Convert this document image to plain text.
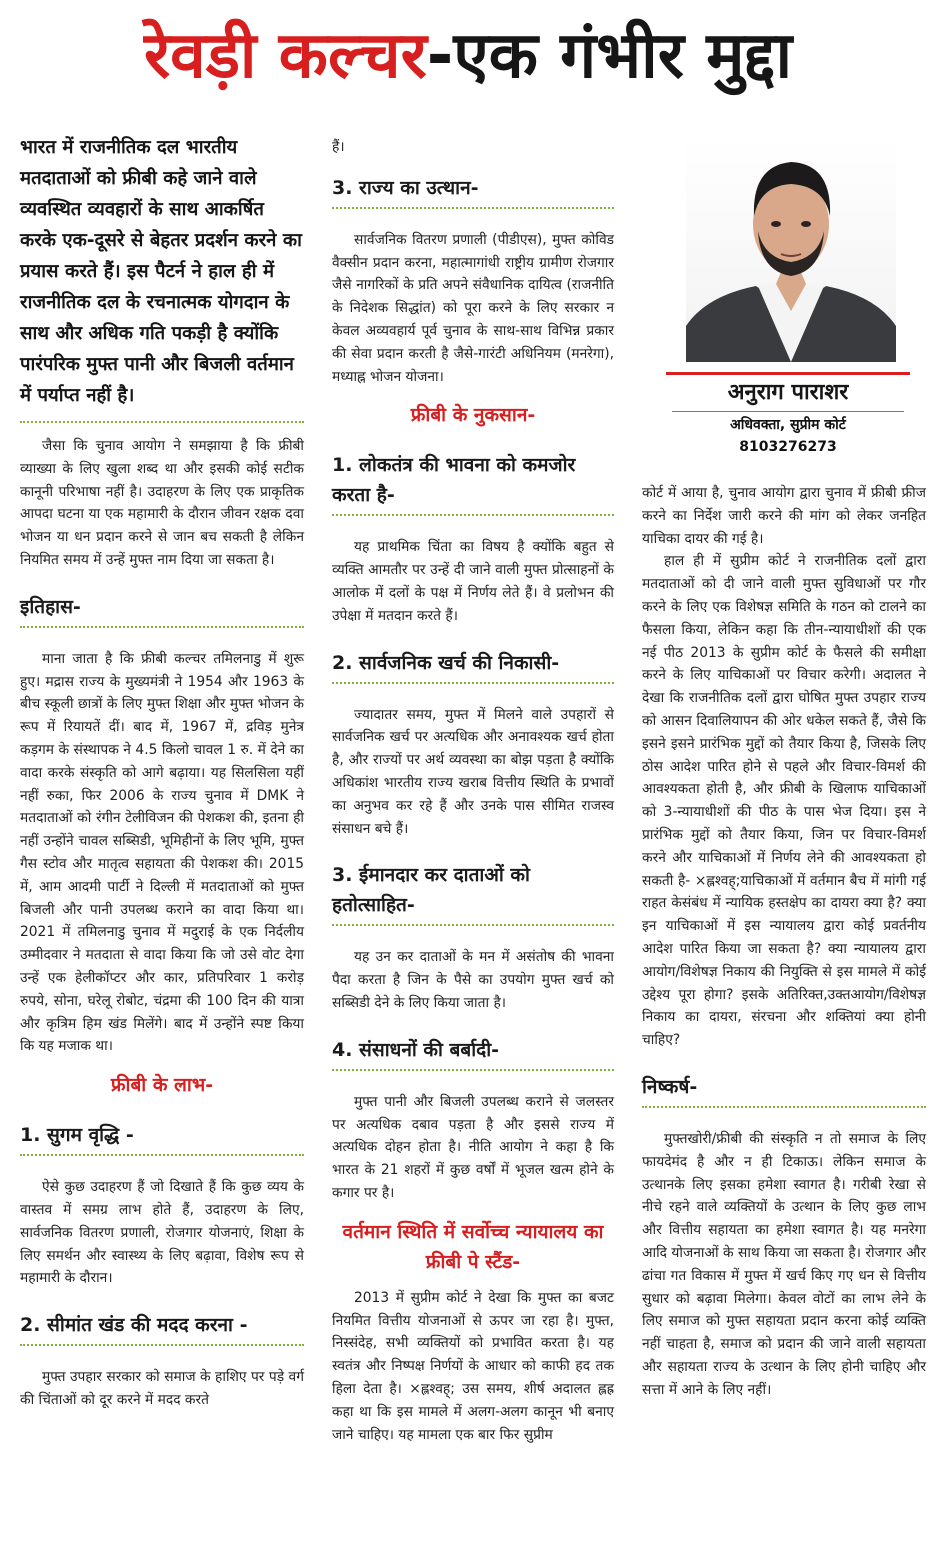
रेवड़ी कल्चर-एक गंभीर मुद्दा
अनुराग पाराशर
अधिवक्ता, सुप्रीम कोर्ट
8103276273
भारत में राजनीतिक दल भारतीय मतदाताओं को फ्रीबी कहे जाने वाले व्यवस्थित व्यवहारों के साथ आकर्षित करके एक-दूसरे से बेहतर प्रदर्शन करने का प्रयास करते हैं। इस पैटर्न ने हाल ही में राजनीतिक दल के रचनात्मक योगदान के साथ और अधिक गति पकड़ी है क्योंकि पारंपरिक मुफ्त पानी और बिजली वर्तमान में पर्याप्त नहीं है।

जैसा कि चुनाव आयोग ने समझाया है कि फ्रीबी व्याख्या के लिए खुला शब्द था और इसकी कोई सटीक कानूनी परिभाषा नहीं है। उदाहरण के लिए एक प्राकृतिक आपदा घटना या एक महामारी के दौरान जीवन रक्षक दवा भोजन या धन प्रदान करने से जान बच सकती है लेकिन नियमित समय में उन्हें मुफ्त नाम दिया जा सकता है।

इतिहास-

माना जाता है कि फ्रीबी कल्चर तमिलनाडु में शुरू हुए। मद्रास राज्य के मुख्यमंत्री ने 1954 और 1963 के बीच स्कूली छात्रों के लिए मुफ्त शिक्षा और मुफ्त भोजन के रूप में रियायतें दीं। बाद में, 1967 में, द्रविड़ मुनेत्र कड़गम के संस्थापक ने 4.5 किलो चावल 1 रु. में देने का वादा करके संस्कृति को आगे बढ़ाया। यह सिलसिला यहीं नहीं रुका, फिर 2006 के राज्य चुनाव में DMK ने मतदाताओं को रंगीन टेलीविजन की पेशकश की, इतना ही नहीं उन्होंने चावल सब्सिडी, भूमिहीनों के लिए भूमि, मुफ्त गैस स्टोव और मातृत्व सहायता की पेशकश की। 2015 में, आम आदमी पार्टी ने दिल्ली में मतदाताओं को मुफ्त बिजली और पानी उपलब्ध कराने का वादा किया था। 2021 में तमिलनाडु चुनाव में मदुराई के एक निर्दलीय उम्मीदवार ने मतदाता से वादा किया कि जो उसे वोट देगा उन्हें एक हेलीकॉप्टर और कार, प्रतिपरिवार 1 करोड़ रुपये, सोना, घरेलू रोबोट, चंद्रमा की 100 दिन की यात्रा और कृत्रिम हिम खंड मिलेंगे। बाद में उन्होंने स्पष्ट किया कि यह मजाक था।

फ्रीबी के लाभ-
1. सुगम वृद्धि -

ऐसे कुछ उदाहरण हैं जो दिखाते हैं कि कुछ व्यय के वास्तव में समग्र लाभ होते हैं, उदाहरण के लिए, सार्वजनिक वितरण प्रणाली, रोजगार योजनाएं, शिक्षा के लिए समर्थन और स्वास्थ्य के लिए बढ़ावा, विशेष रूप से महामारी के दौरान।

2. सीमांत खंड की मदद करना -

मुफ्त उपहार सरकार को समाज के हाशिए पर पड़े वर्ग की चिंताओं को दूर करने में मदद करते

हैं।

3. राज्य का उत्थान-

सार्वजनिक वितरण प्रणाली (पीडीएस), मुफ्त कोविड वैक्सीन प्रदान करना, महात्मागांधी राष्ट्रीय ग्रामीण रोजगार जैसे नागरिकों के प्रति अपने संवैधानिक दायित्व (राजनीति के निदेशक सिद्धांत) को पूरा करने के लिए सरकार न केवल अव्यवहार्य पूर्व चुनाव के साथ-साथ विभिन्न प्रकार की सेवा प्रदान करती है जैसे-गारंटी अधिनियम (मनरेगा), मध्याह्न भोजन योजना।

फ्रीबी के नुकसान-
1. लोकतंत्र की भावना को कमजोर करता है-

यह प्राथमिक चिंता का विषय है क्योंकि बहुत से व्यक्ति आमतौर पर उन्हें दी जाने वाली मुफ्त प्रोत्साहनों के आलोक में दलों के पक्ष में निर्णय लेते हैं। वे प्रलोभन की उपेक्षा में मतदान करते हैं।

2. सार्वजनिक खर्च की निकासी-

ज्यादातर समय, मुफ्त में मिलने वाले उपहारों से सार्वजनिक खर्च पर अत्यधिक और अनावश्यक खर्च होता है, और राज्यों पर अर्थ व्यवस्था का बोझ पड़ता है क्योंकि अधिकांश भारतीय राज्य खराब वित्तीय स्थिति के प्रभावों का अनुभव कर रहे हैं और उनके पास सीमित राजस्व संसाधन बचे हैं।

3. ईमानदार कर दाताओं को हतोत्साहित-

यह उन कर दाताओं के मन में असंतोष की भावना पैदा करता है जिन के पैसे का उपयोग मुफ्त खर्च को सब्सिडी देने के लिए किया जाता है।

4. संसाधनों की बर्बादी-

मुफ्त पानी और बिजली उपलब्ध कराने से जलस्तर पर अत्यधिक दबाव पड़ता है और इससे राज्य में अत्यधिक दोहन होता है। नीति आयोग ने कहा है कि भारत के 21 शहरों में कुछ वर्षों में भूजल खत्म होने के कगार पर है।

वर्तमान स्थिति में सर्वोच्च न्यायालय का फ्रीबी पे स्टैंड-

2013 में सुप्रीम कोर्ट ने देखा कि मुफ्त का बजट नियमित वित्तीय योजनाओं से ऊपर जा रहा है। मुफ्त, निस्संदेह, सभी व्यक्तियों को प्रभावित करता है। यह स्वतंत्र और निष्पक्ष निर्णयों के आधार को काफी हद तक हिला देता है। ×ह्लश्वह्; उस समय, शीर्ष अदालत ह्लह्र कहा था कि इस मामले में अलग-अलग कानून भी बनाए जाने चाहिए। यह मामला एक बार फिर सुप्रीम

कोर्ट में आया है, चुनाव आयोग द्वारा चुनाव में फ्रीबी फ्रीज करने का निर्देश जारी करने की मांग को लेकर जनहित याचिका दायर की गई है।

हाल ही में सुप्रीम कोर्ट ने राजनीतिक दलों द्वारा मतदाताओं को दी जाने वाली मुफ्त सुविधाओं पर गौर करने के लिए एक विशेषज्ञ समिति के गठन को टालने का फैसला किया, लेकिन कहा कि तीन-न्यायाधीशों की एक नई पीठ 2013 के सुप्रीम कोर्ट के फैसले की समीक्षा करने के लिए याचिकाओं पर विचार करेगी। अदालत ने देखा कि राजनीतिक दलों द्वारा घोषित मुफ्त उपहार राज्य को आसन दिवालियापन की ओर धकेल सकते हैं, जैसे कि इसने इसने प्रारंभिक मुद्दों को तैयार किया है, जिसके लिए ठोस आदेश पारित होने से पहले और विचार-विमर्श की आवश्यकता होती है, और फ्रीबी के खिलाफ याचिकाओं को 3-न्यायाधीशों की पीठ के पास भेज दिया। इस ने प्रारंभिक मुद्दों को तैयार किया, जिन पर विचार-विमर्श करने और याचिकाओं में निर्णय लेने की आवश्यकता हो सकती है- ×ह्लश्वह्;याचिकाओं में वर्तमान बैच में मांगी गई राहत केसंबंध में न्यायिक हस्तक्षेप का दायरा क्या है? क्या इन याचिकाओं में इस न्यायालय द्वारा कोई प्रवर्तनीय आदेश पारित किया जा सकता है? क्या न्यायालय द्वारा आयोग/विशेषज्ञ निकाय की नियुक्ति से इस मामले में कोई उद्देश्य पूरा होगा? इसके अतिरिक्त,उक्तआयोग/विशेषज्ञ निकाय का दायरा, संरचना और शक्तियां क्या होनी चाहिए?

निष्कर्ष-

मुफ्तखोरी/फ्रीबी की संस्कृति न तो समाज के लिए फायदेमंद है और न ही टिकाऊ। लेकिन समाज के उत्थानके लिए इसका हमेशा स्वागत है। गरीबी रेखा से नीचे रहने वाले व्यक्तियों के उत्थान के लिए कुछ लाभ और वित्तीय सहायता का हमेशा स्वागत है। यह मनरेगा आदि योजनाओं के साथ किया जा सकता है। रोजगार और ढांचा गत विकास में मुफ्त में खर्च किए गए धन से वित्तीय सुधार को बढ़ावा मिलेगा। केवल वोटों का लाभ लेने के लिए समाज को मुफ्त सहायता प्रदान करना कोई व्यक्ति नहीं चाहता है, समाज को प्रदान की जाने वाली सहायता और सहायता राज्य के उत्थान के लिए होनी चाहिए और सत्ता में आने के लिए नहीं।
